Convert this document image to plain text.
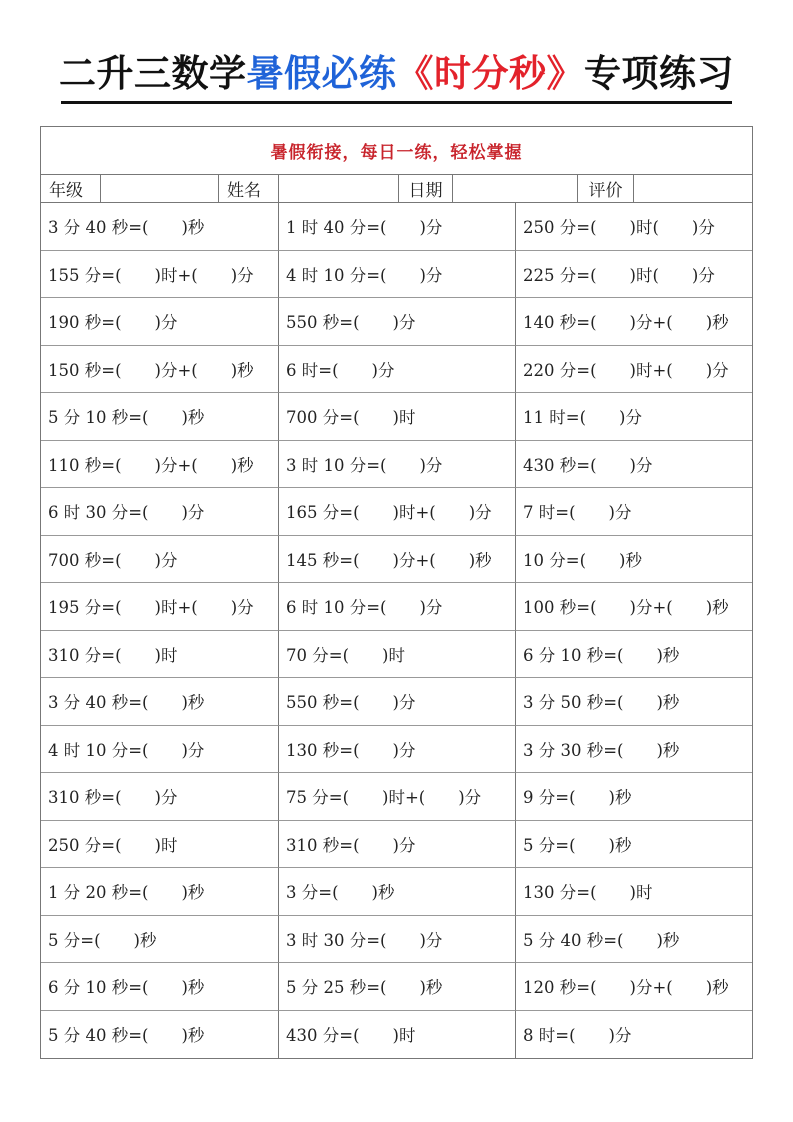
二升三数学暑假必练《时分秒》专项练习
暑假衔接，每日一练，轻松掌握
年级	姓名	日期	评价
3 分 40 秒=(　　)秒	1 时 40 分=(　　)分	250 分=(　　)时(　　)分
155 分=(　　)时+(　　)分	4 时 10 分=(　　)分	225 分=(　　)时(　　)分
190 秒=(　　)分	550 秒=(　　)分	140 秒=(　　)分+(　　)秒
150 秒=(　　)分+(　　)秒	6 时=(　　)分	220 分=(　　)时+(　　)分
5 分 10 秒=(　　)秒	700 分=(　　)时	11 时=(　　)分
110 秒=(　　)分+(　　)秒	3 时 10 分=(　　)分	430 秒=(　　)分
6 时 30 分=(　　)分	165 分=(　　)时+(　　)分	7 时=(　　)分
700 秒=(　　)分	145 秒=(　　)分+(　　)秒	10 分=(　　)秒
195 分=(　　)时+(　　)分	6 时 10 分=(　　)分	100 秒=(　　)分+(　　)秒
310 分=(　　)时	70 分=(　　)时	6 分 10 秒=(　　)秒
3 分 40 秒=(　　)秒	550 秒=(　　)分	3 分 50 秒=(　　)秒
4 时 10 分=(　　)分	130 秒=(　　)分	3 分 30 秒=(　　)秒
310 秒=(　　)分	75 分=(　　)时+(　　)分	9 分=(　　)秒
250 分=(　　)时	310 秒=(　　)分	5 分=(　　)秒
1 分 20 秒=(　　)秒	3 分=(　　)秒	130 分=(　　)时
5 分=(　　)秒	3 时 30 分=(　　)分	5 分 40 秒=(　　)秒
6 分 10 秒=(　　)秒	5 分 25 秒=(　　)秒	120 秒=(　　)分+(　　)秒
5 分 40 秒=(　　)秒	430 分=(　　)时	8 时=(　　)分
